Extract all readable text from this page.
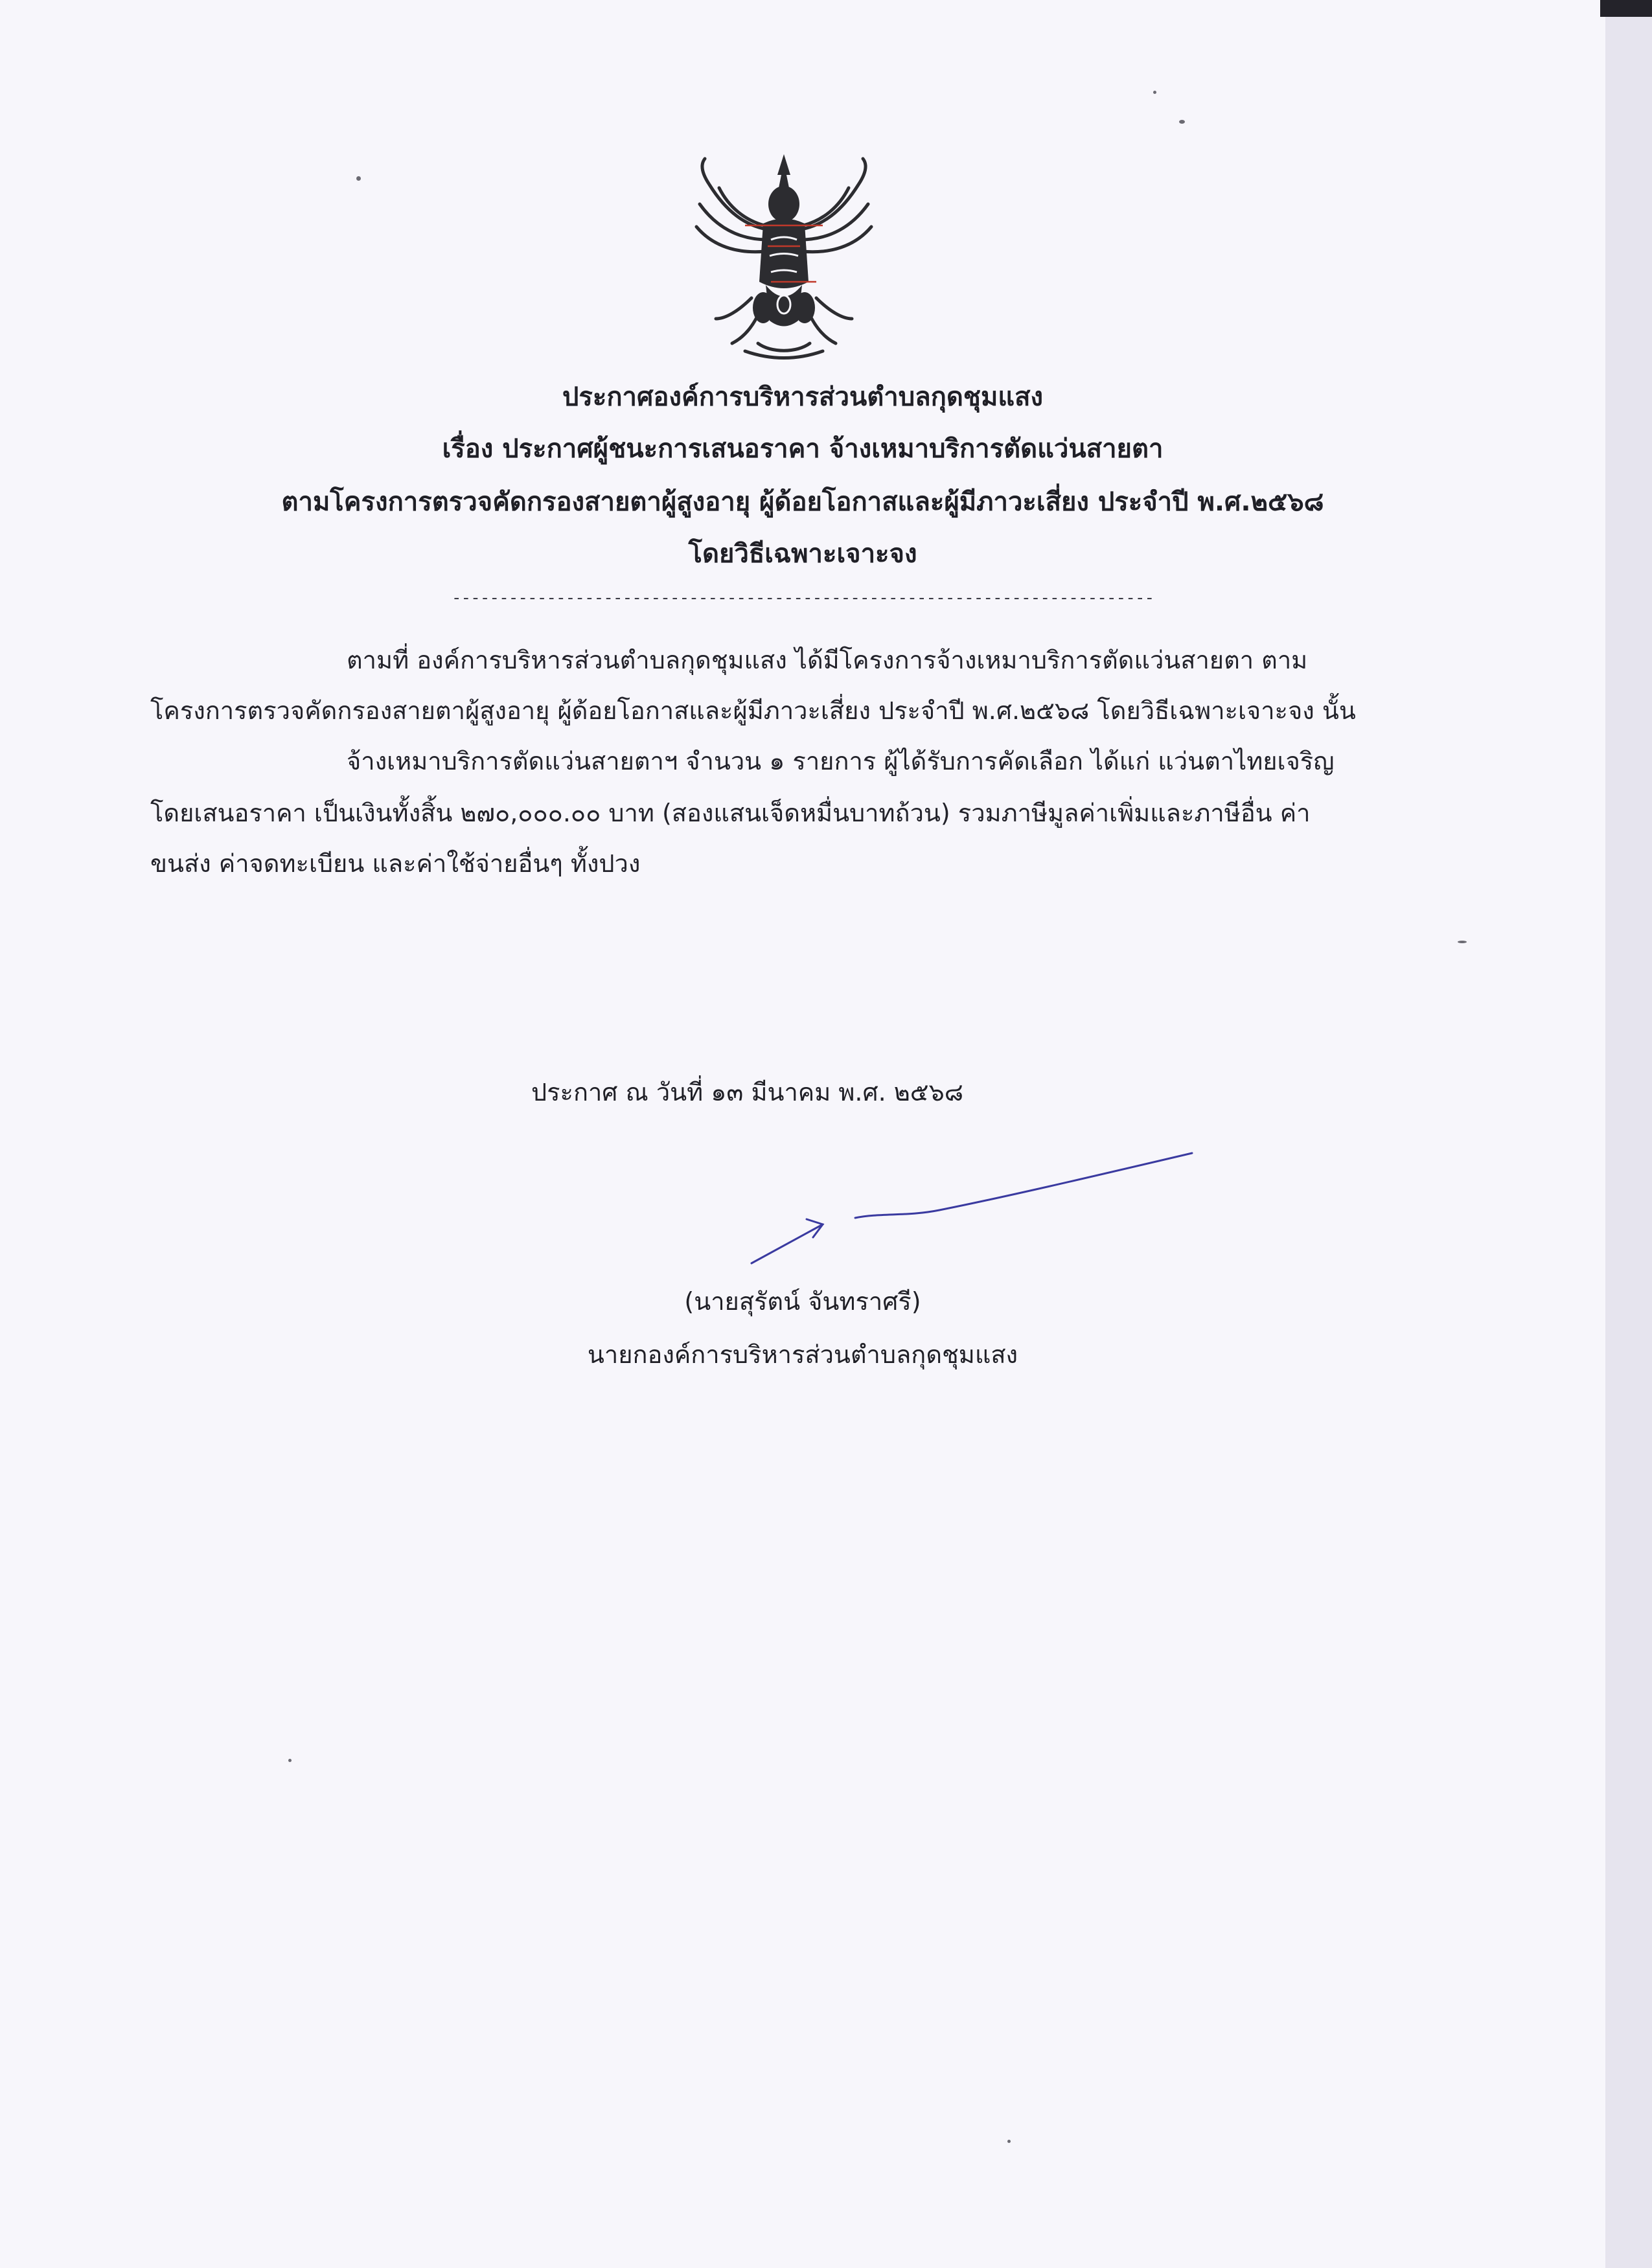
ประกาศองค์การบริหารส่วนตำบลกุดชุมแสง
เรื่อง ประกาศผู้ชนะการเสนอราคา จ้างเหมาบริการตัดแว่นสายตา
ตามโครงการตรวจคัดกรองสายตาผู้สูงอายุ ผู้ด้อยโอกาสและผู้มีภาวะเสี่ยง ประจำปี พ.ศ.๒๕๖๘
โดยวิธีเฉพาะเจาะจง
--------------------------------------------------------------------------
ตามที่ องค์การบริหารส่วนตำบลกุดชุมแสง ได้มีโครงการจ้างเหมาบริการตัดแว่นสายตา ตาม
โครงการตรวจคัดกรองสายตาผู้สูงอายุ ผู้ด้อยโอกาสและผู้มีภาวะเสี่ยง ประจำปี พ.ศ.๒๕๖๘ โดยวิธีเฉพาะเจาะจง นั้น
จ้างเหมาบริการตัดแว่นสายตาฯ จำนวน ๑ รายการ ผู้ได้รับการคัดเลือก ได้แก่ แว่นตาไทยเจริญ
โดยเสนอราคา เป็นเงินทั้งสิ้น ๒๗๐,๐๐๐.๐๐ บาท (สองแสนเจ็ดหมื่นบาทถ้วน) รวมภาษีมูลค่าเพิ่มและภาษีอื่น ค่า
ขนส่ง ค่าจดทะเบียน และค่าใช้จ่ายอื่นๆ ทั้งปวง
ประกาศ ณ วันที่ ๑๓ มีนาคม พ.ศ. ๒๕๖๘
(นายสุรัตน์ จันทราศรี)
นายกองค์การบริหารส่วนตำบลกุดชุมแสง
